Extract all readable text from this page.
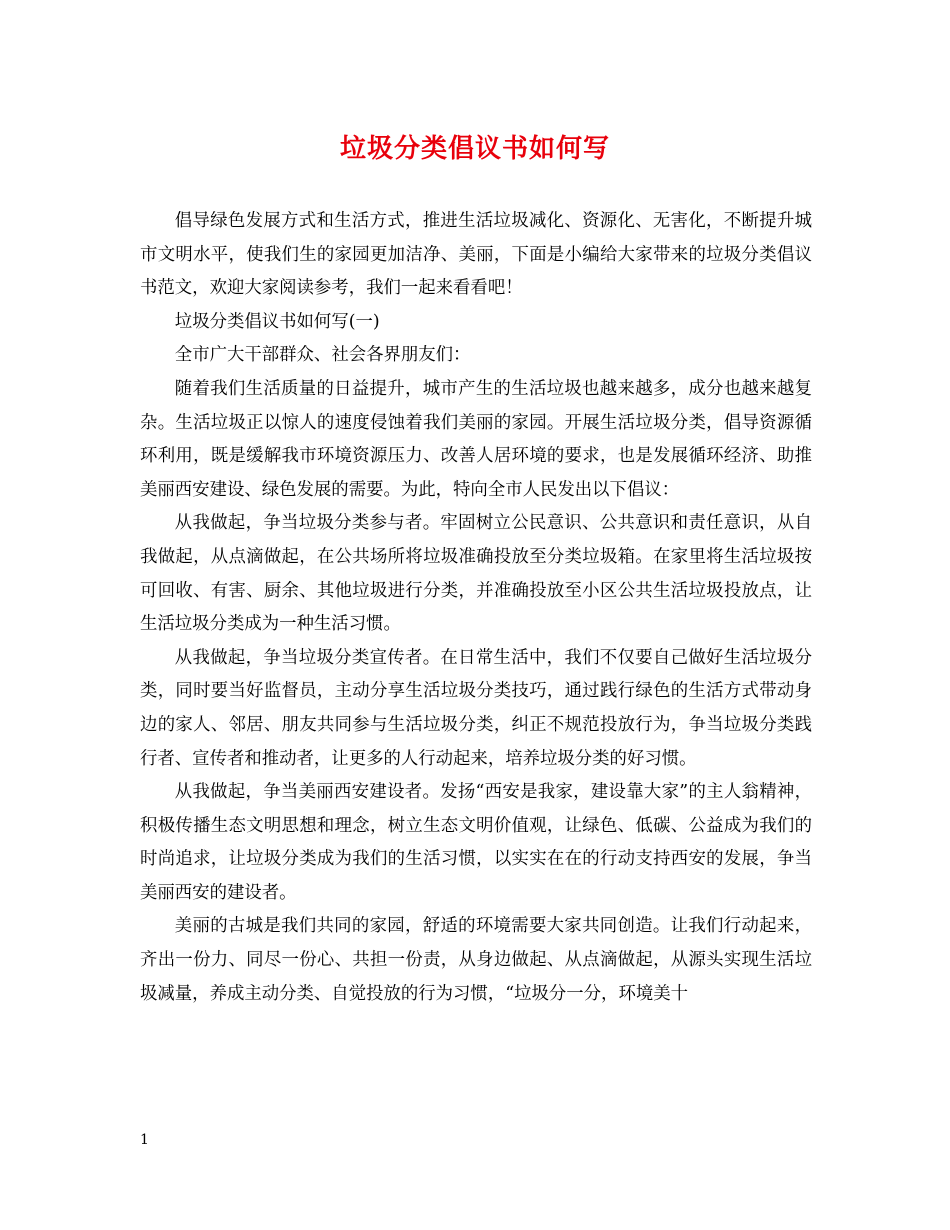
垃圾分类倡议书如何写

倡导绿色发展方式和生活方式，推进生活垃圾减化、资源化、无害化，不断提升城市文明水平，使我们生的家园更加洁净、美丽，下面是小编给大家带来的垃圾分类倡议书范文，欢迎大家阅读参考，我们一起来看看吧！

垃圾分类倡议书如何写(一)

全市广大干部群众、社会各界朋友们：

随着我们生活质量的日益提升，城市产生的生活垃圾也越来越多，成分也越来越复杂。生活垃圾正以惊人的速度侵蚀着我们美丽的家园。开展生活垃圾分类，倡导资源循环利用，既是缓解我市环境资源压力、改善人居环境的要求，也是发展循环经济、助推美丽西安建设、绿色发展的需要。为此，特向全市人民发出以下倡议：

从我做起，争当垃圾分类参与者。牢固树立公民意识、公共意识和责任意识，从自我做起，从点滴做起，在公共场所将垃圾准确投放至分类垃圾箱。在家里将生活垃圾按可回收、有害、厨余、其他垃圾进行分类，并准确投放至小区公共生活垃圾投放点，让生活垃圾分类成为一种生活习惯。

从我做起，争当垃圾分类宣传者。在日常生活中，我们不仅要自己做好生活垃圾分类，同时要当好监督员，主动分享生活垃圾分类技巧，通过践行绿色的生活方式带动身边的家人、邻居、朋友共同参与生活垃圾分类，纠正不规范投放行为，争当垃圾分类践行者、宣传者和推动者，让更多的人行动起来，培养垃圾分类的好习惯。

从我做起，争当美丽西安建设者。发扬“西安是我家，建设靠大家”的主人翁精神，积极传播生态文明思想和理念，树立生态文明价值观，让绿色、低碳、公益成为我们的时尚追求，让垃圾分类成为我们的生活习惯，以实实在在的行动支持西安的发展，争当美丽西安的建设者。

美丽的古城是我们共同的家园，舒适的环境需要大家共同创造。让我们行动起来，齐出一份力、同尽一份心、共担一份责，从身边做起、从点滴做起，从源头实现生活垃圾减量，养成主动分类、自觉投放的行为习惯，“垃圾分一分，环境美十

1
